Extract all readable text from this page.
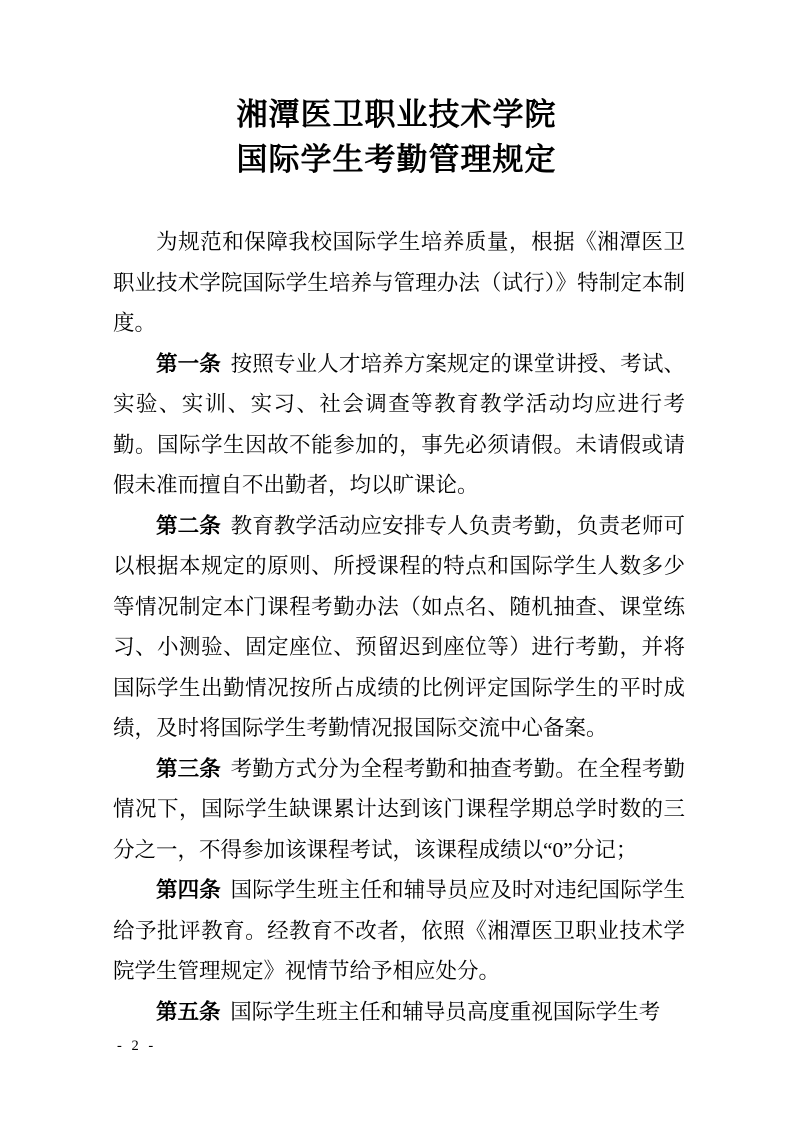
湘潭医卫职业技术学院
国际学生考勤管理规定

为规范和保障我校国际学生培养质量，根据《湘潭医卫职业技术学院国际学生培养与管理办法（试行）》特制定本制度。

第一条 按照专业人才培养方案规定的课堂讲授、考试、实验、实训、实习、社会调查等教育教学活动均应进行考勤。国际学生因故不能参加的，事先必须请假。未请假或请假未准而擅自不出勤者，均以旷课论。

第二条 教育教学活动应安排专人负责考勤，负责老师可以根据本规定的原则、所授课程的特点和国际学生人数多少等情况制定本门课程考勤办法（如点名、随机抽查、课堂练习、小测验、固定座位、预留迟到座位等）进行考勤，并将国际学生出勤情况按所占成绩的比例评定国际学生的平时成绩，及时将国际学生考勤情况报国际交流中心备案。

第三条 考勤方式分为全程考勤和抽查考勤。在全程考勤情况下，国际学生缺课累计达到该门课程学期总学时数的三分之一，不得参加该课程考试，该课程成绩以“0”分记；

第四条 国际学生班主任和辅导员应及时对违纪国际学生给予批评教育。经教育不改者，依照《湘潭医卫职业技术学院学生管理规定》视情节给予相应处分。

第五条 国际学生班主任和辅导员高度重视国际学生考

- 2 -
